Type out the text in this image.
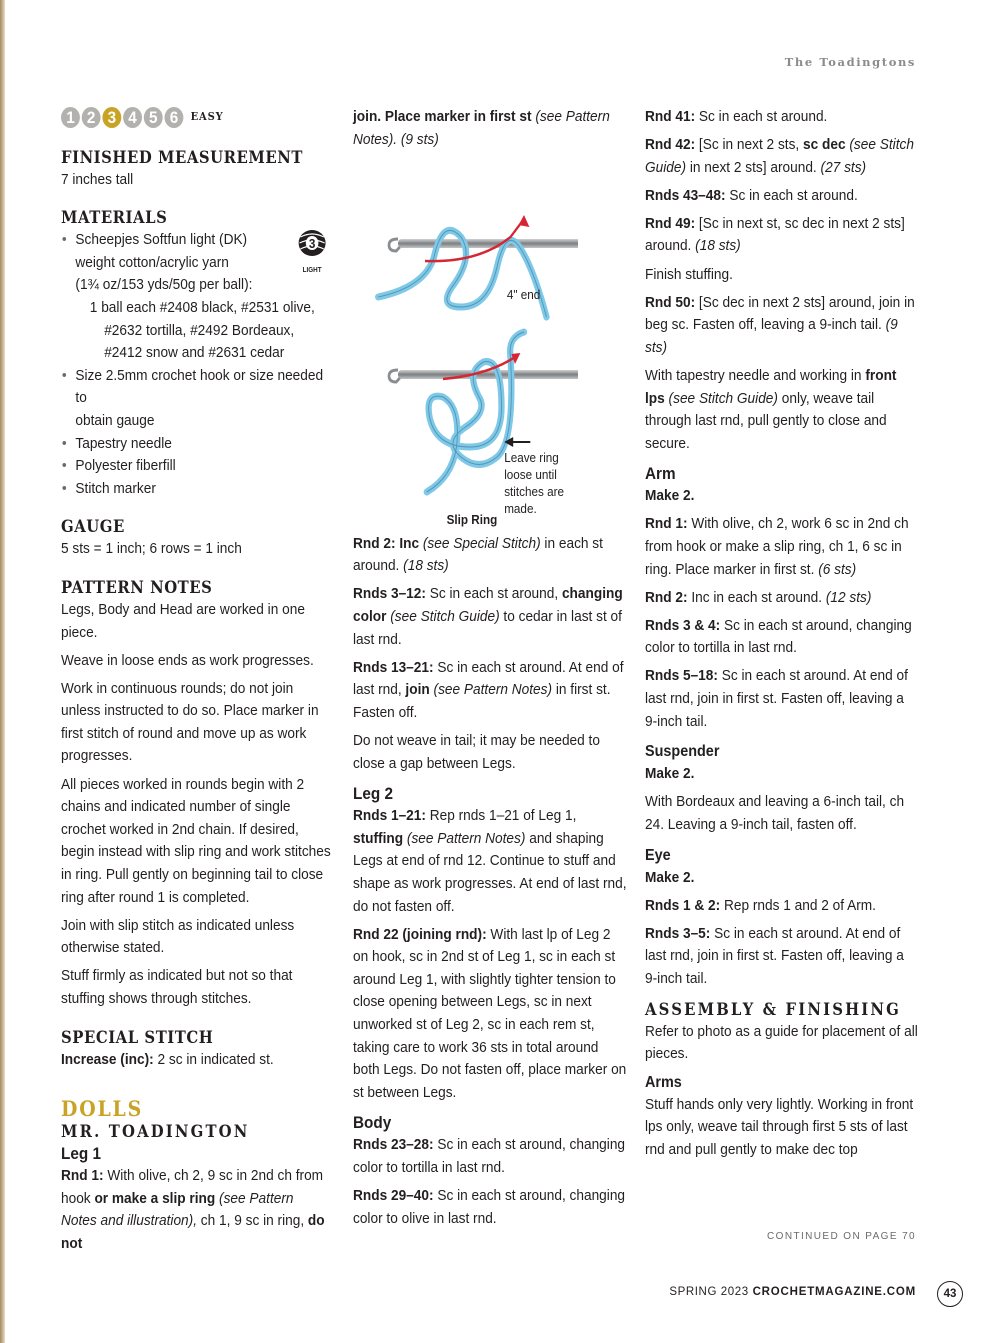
The Toadingtons
1 2 3 4 5 6	EASY
FINISHED MEASUREMENT

7 inches tall

MATERIALS
3
LIGHT
• Scheepjes Softfun light (DK)
weight cotton/acrylic yarn
(1¾ oz/153 yds/50g per ball):
1 ball each #2408 black, #2531 olive,
#2632 tortilla, #2492 Bordeaux,
#2412 snow and #2631 cedar
• Size 2.5mm crochet hook or size needed to
obtain gauge
• Tapestry needle
• Polyester fiberfill
• Stitch marker
GAUGE

5 sts = 1 inch; 6 rows = 1 inch

PATTERN NOTES

Legs, Body and Head are worked in one piece.

Weave in loose ends as work progresses.

Work in continuous rounds; do not join unless instructed to do so. Place marker in first stitch of round and move up as work progresses.

All pieces worked in rounds begin with 2 chains and indicated number of single crochet worked in 2nd chain. If desired, begin instead with slip ring and work stitches in ring. Pull gently on beginning tail to close ring after round 1 is completed.

Join with slip stitch as indicated unless otherwise stated.

Stuff firmly as indicated but not so that stuffing shows through stitches.

SPECIAL STITCH

Increase (inc): 2 sc in indicated st.

DOLLS
MR. TOADINGTON
Leg 1

Rnd 1: With olive, ch 2, 9 sc in 2nd ch from hook or make a slip ring (see Pattern Notes and illustration), ch 1, 9 sc in ring, do not

join. Place marker in first st (see Pattern Notes). (9 sts)

4" end
Leave ring
loose until
stitches are
made.
Slip Ring

Rnd 2: Inc (see Special Stitch) in each st around. (18 sts)

Rnds 3–12: Sc in each st around, changing color (see Stitch Guide) to cedar in last st of last rnd.

Rnds 13–21: Sc in each st around. At end of last rnd, join (see Pattern Notes) in first st. Fasten off.

Do not weave in tail; it may be needed to close a gap between Legs.

Leg 2

Rnds 1–21: Rep rnds 1–21 of Leg 1, stuffing (see Pattern Notes) and shaping Legs at end of rnd 12. Continue to stuff and shape as work progresses. At end of last rnd, do not fasten off.

Rnd 22 (joining rnd): With last lp of Leg 2 on hook, sc in 2nd st of Leg 1, sc in each st around Leg 1, with slightly tighter tension to close opening between Legs, sc in next unworked st of Leg 2, sc in each rem st, taking care to work 36 sts in total around both Legs. Do not fasten off, place marker on st between Legs.

Body

Rnds 23–28: Sc in each st around, changing color to tortilla in last rnd.

Rnds 29–40: Sc in each st around, changing color to olive in last rnd.

Rnd 41: Sc in each st around.

Rnd 42: [Sc in next 2 sts, sc dec (see Stitch Guide) in next 2 sts] around. (27 sts)

Rnds 43–48: Sc in each st around.

Rnd 49: [Sc in next st, sc dec in next 2 sts] around. (18 sts)

Finish stuffing.

Rnd 50: [Sc dec in next 2 sts] around, join in beg sc. Fasten off, leaving a 9-inch tail. (9 sts)

With tapestry needle and working in front lps (see Stitch Guide) only, weave tail through last rnd, pull gently to close and secure.

Arm

Make 2.

Rnd 1: With olive, ch 2, work 6 sc in 2nd ch from hook or make a slip ring, ch 1, 6 sc in ring. Place marker in first st. (6 sts)

Rnd 2: Inc in each st around. (12 sts)

Rnds 3 & 4: Sc in each st around, changing color to tortilla in last rnd.

Rnds 5–18: Sc in each st around. At end of last rnd, join in first st. Fasten off, leaving a 9-inch tail.

Suspender

Make 2.

With Bordeaux and leaving a 6-inch tail, ch 24. Leaving a 9-inch tail, fasten off.

Eye

Make 2.

Rnds 1 & 2: Rep rnds 1 and 2 of Arm.

Rnds 3–5: Sc in each st around. At end of last rnd, join in first st. Fasten off, leaving a 9-inch tail.

ASSEMBLY & FINISHING

Refer to photo as a guide for placement of all pieces.

Arms

Stuff hands only very lightly. Working in front lps only, weave tail through first 5 sts of last rnd and pull gently to make dec top

CONTINUED ON PAGE 70
SPRING 2023 CROCHETMAGAZINE.COM	43
